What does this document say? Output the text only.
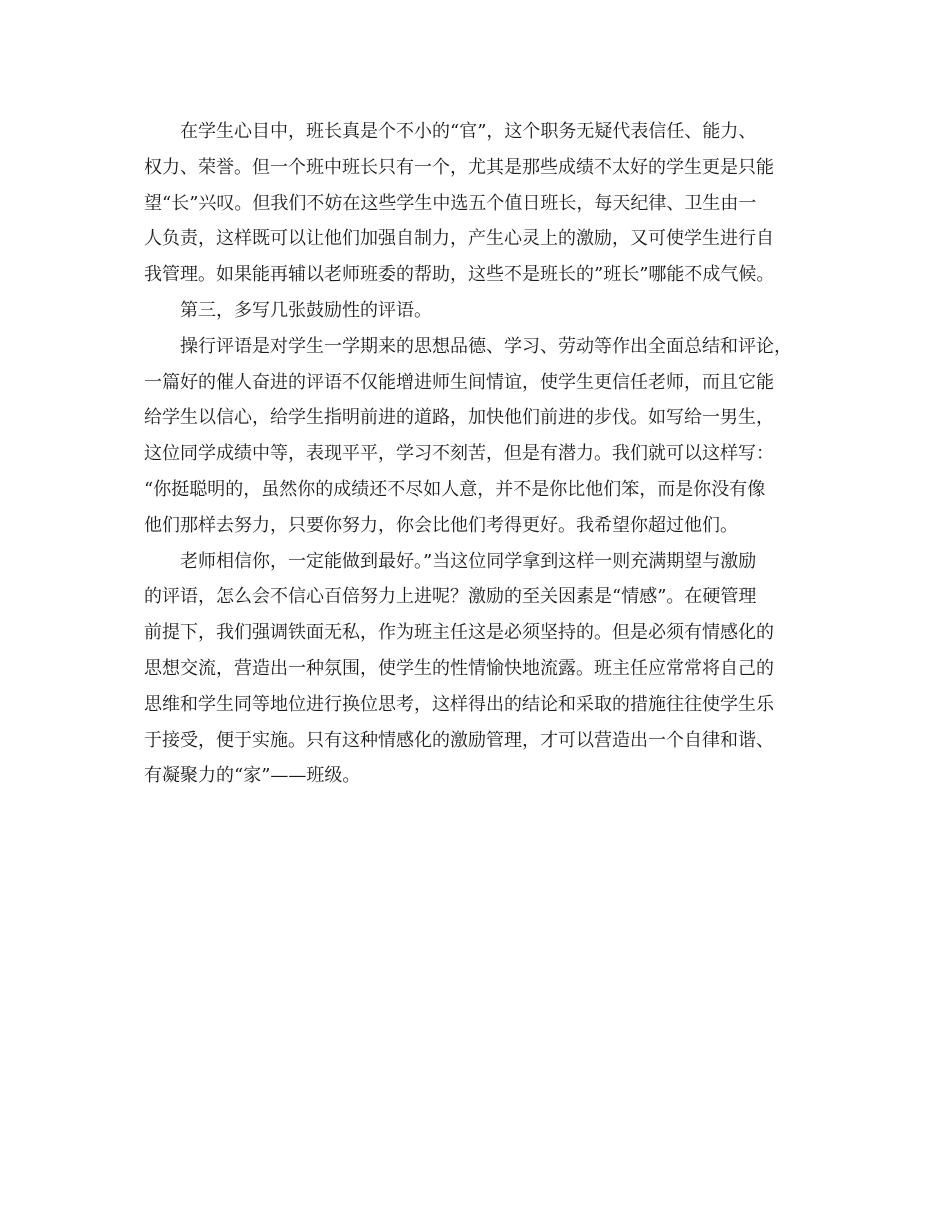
在学生心目中，班长真是个不小的“官”，这个职务无疑代表信任、能力、
权力、荣誉。但一个班中班长只有一个，尤其是那些成绩不太好的学生更是只能
望“长”兴叹。但我们不妨在这些学生中选五个值日班长，每天纪律、卫生由一
人负责，这样既可以让他们加强自制力，产生心灵上的激励，又可使学生进行自
我管理。如果能再辅以老师班委的帮助，这些不是班长的”班长”哪能不成气候。
第三，多写几张鼓励性的评语。
操行评语是对学生一学期来的思想品德、学习、劳动等作出全面总结和评论，
一篇好的催人奋进的评语不仅能增进师生间情谊，使学生更信任老师，而且它能
给学生以信心，给学生指明前进的道路，加快他们前进的步伐。如写给一男生，
这位同学成绩中等，表现平平，学习不刻苦，但是有潜力。我们就可以这样写：
“你挺聪明的，虽然你的成绩还不尽如人意，并不是你比他们笨，而是你没有像
他们那样去努力，只要你努力，你会比他们考得更好。我希望你超过他们。
老师相信你，一定能做到最好。”当这位同学拿到这样一则充满期望与激励
的评语，怎么会不信心百倍努力上进呢？激励的至关因素是“情感”。在硬管理
前提下，我们强调铁面无私，作为班主任这是必须坚持的。但是必须有情感化的
思想交流，营造出一种氛围，使学生的性情愉快地流露。班主任应常常将自己的
思维和学生同等地位进行换位思考，这样得出的结论和采取的措施往往使学生乐
于接受，便于实施。只有这种情感化的激励管理，才可以营造出一个自律和谐、
有凝聚力的“家”——班级。
